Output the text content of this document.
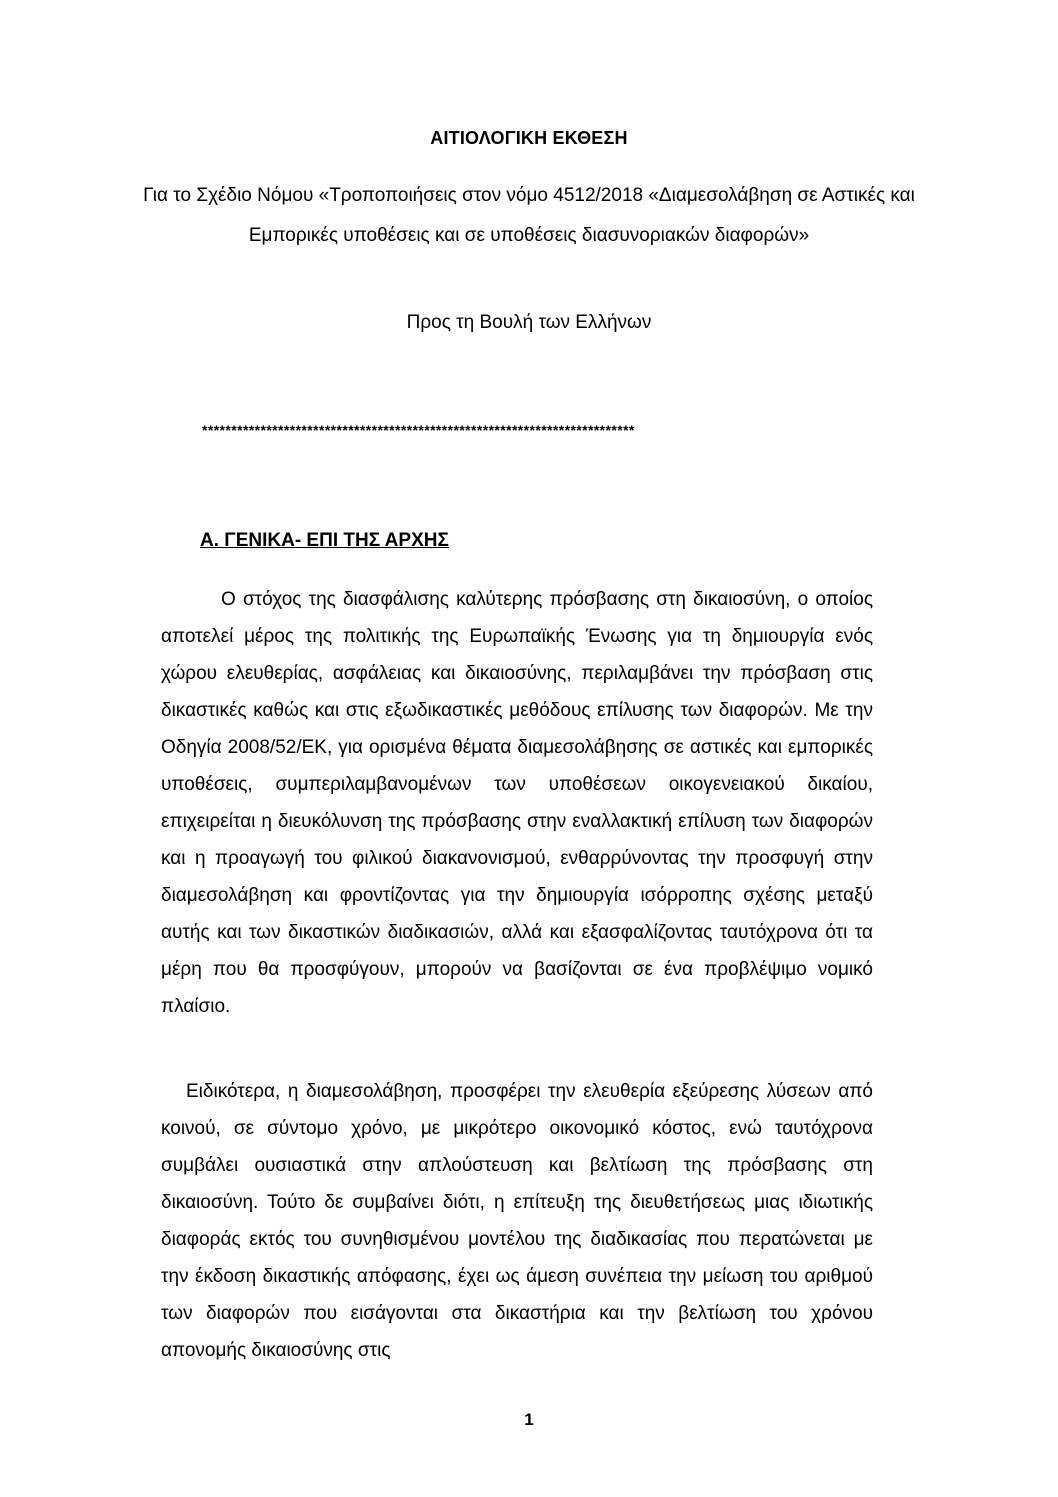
ΑΙΤΙΟΛΟΓΙΚΗ ΕΚΘΕΣΗ
Για το Σχέδιο Νόμου «Τροποποιήσεις στον νόμο 4512/2018 «Διαμεσολάβηση σε Αστικές και Εμπορικές υποθέσεις και σε υποθέσεις διασυνοριακών διαφορών»
Προς τη Βουλή των Ελλήνων
**************************************************************************
Α. ΓΕΝΙΚΑ- ΕΠΙ ΤΗΣ ΑΡΧΗΣ

Ο στόχος της διασφάλισης καλύτερης πρόσβασης στη δικαιοσύνη, ο οποίος αποτελεί μέρος της πολιτικής της Ευρωπαϊκής Ένωσης για τη δημιουργία ενός χώρου ελευθερίας, ασφάλειας και δικαιοσύνης, περιλαμβάνει την πρόσβαση στις δικαστικές καθώς και στις εξωδικαστικές μεθόδους επίλυσης των διαφορών. Με την Οδηγία 2008/52/ΕΚ, για ορισμένα θέματα διαμεσολάβησης σε αστικές και εμπορικές υποθέσεις, συμπεριλαμβανομένων των υποθέσεων οικογενειακού δικαίου, επιχειρείται η διευκόλυνση της πρόσβασης στην εναλλακτική επίλυση των διαφορών και η προαγωγή του φιλικού διακανονισμού, ενθαρρύνοντας την προσφυγή στην διαμεσολάβηση και φροντίζοντας για την δημιουργία ισόρροπης σχέσης μεταξύ αυτής και των δικαστικών διαδικασιών, αλλά και εξασφαλίζοντας ταυτόχρονα ότι τα μέρη που θα προσφύγουν, μπορούν να βασίζονται σε ένα προβλέψιμο νομικό πλαίσιο.

Ειδικότερα, η διαμεσολάβηση, προσφέρει την ελευθερία εξεύρεσης λύσεων από κοινού, σε σύντομο χρόνο, με μικρότερο οικονομικό κόστος, ενώ ταυτόχρονα συμβάλει ουσιαστικά στην απλούστευση και βελτίωση της πρόσβασης στη δικαιοσύνη. Τούτο δε συμβαίνει διότι, η επίτευξη της διευθετήσεως μιας ιδιωτικής διαφοράς εκτός του συνηθισμένου μοντέλου της διαδικασίας που περατώνεται με την έκδοση δικαστικής απόφασης, έχει ως άμεση συνέπεια την μείωση του αριθμού των διαφορών που εισάγονται στα δικαστήρια και την βελτίωση του χρόνου απονομής δικαιοσύνης στις

1
